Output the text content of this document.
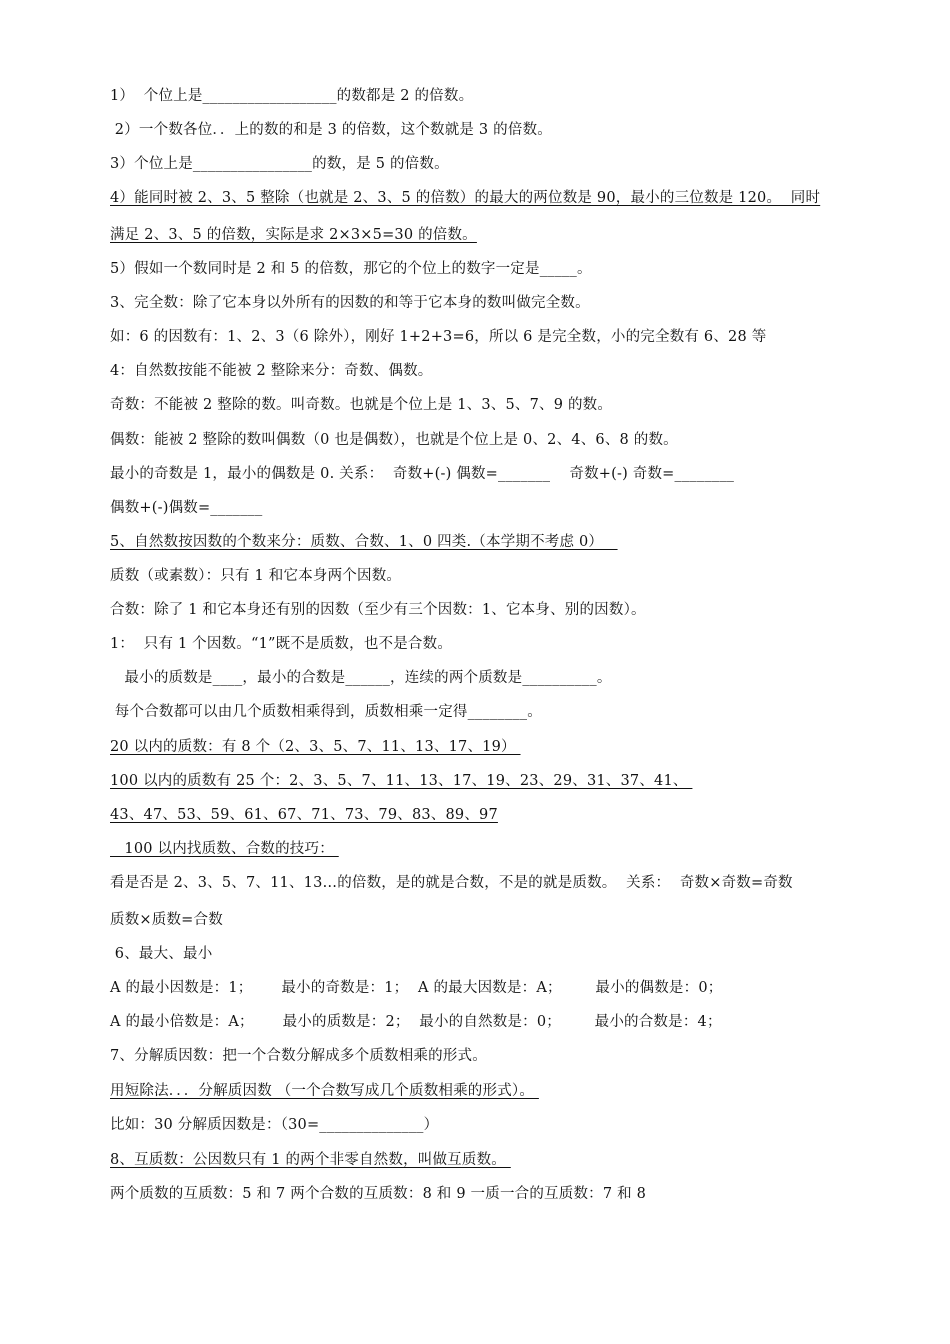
1）  个位上是__________________的数都是 2 的倍数。
2）一个数各位．．上的数的和是 3 的倍数，这个数就是 3 的倍数。
3）个位上是________________的数，是 5 的倍数。
4）能同时被 2、3、5 整除（也就是 2、3、5 的倍数）的最大的两位数是 90，最小的三位数是 120。  同时
满足 2、3、5 的倍数，实际是求 2×3×5=30 的倍数。
5）假如一个数同时是 2 和 5 的倍数，那它的个位上的数字一定是_____。
3、完全数：除了它本身以外所有的因数的和等于它本身的数叫做完全数。
如：6 的因数有：1、2、3（6 除外），刚好 1+2+3=6，所以 6 是完全数，小的完全数有 6、28 等
4：自然数按能不能被 2 整除来分：奇数、偶数。
奇数：不能被 2 整除的数。叫奇数。也就是个位上是 1、3、5、7、9 的数。
偶数：能被 2 整除的数叫偶数（0 也是偶数），也就是个位上是 0、2、4、6、8 的数。
最小的奇数是 1，最小的偶数是 0. 关系：  奇数+(-) 偶数=_______    奇数+(-) 奇数=________
偶数+(-)偶数=_______
5、自然数按因数的个数来分：质数、合数、1、0 四类.（本学期不考虑 0）
质数（或素数）：只有 1 和它本身两个因数。
合数：除了 1 和它本身还有别的因数（至少有三个因数：1、它本身、别的因数）。
1：  只有 1 个因数。“1”既不是质数，也不是合数。
最小的质数是____，最小的合数是______，连续的两个质数是__________。
每个合数都可以由几个质数相乘得到，质数相乘一定得________。
20 以内的质数：有 8 个（2、3、5、7、11、13、17、19）
100 以内的质数有 25 个：2、3、5、7、11、13、17、19、23、29、31、37、41、
43、47、53、59、61、67、71、73、79、83、89、97
100 以内找质数、合数的技巧：
看是否是 2、3、5、7、11、13…的倍数，是的就是合数，不是的就是质数。  关系：  奇数×奇数=奇数
质数×质数=合数
6、最大、最小
A 的最小因数是：1；      最小的奇数是：1；  A 的最大因数是：A；       最小的偶数是：0；
A 的最小倍数是：A；      最小的质数是：2；  最小的自然数是：0；       最小的合数是：4；
7、分解质因数：把一个合数分解成多个质数相乘的形式。
用短除法．．．分解质因数 （一个合数写成几个质数相乘的形式）。
比如：30 分解质因数是：（30=______________）
8、互质数：公因数只有 1 的两个非零自然数，叫做互质数。
两个质数的互质数：5 和 7 两个合数的互质数：8 和 9 一质一合的互质数：7 和 8
